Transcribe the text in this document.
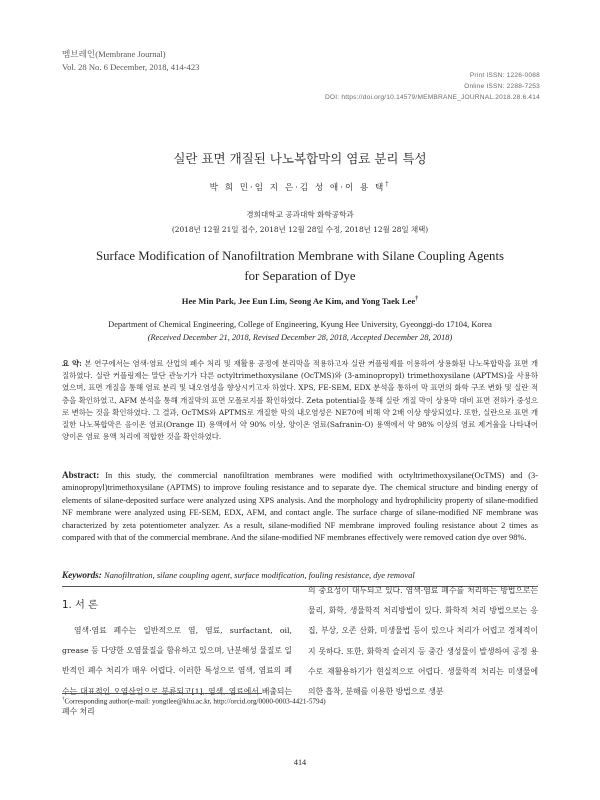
멤브레인(Membrane Journal)
Vol. 28 No. 6 December, 2018, 414-423
Print ISSN: 1226-0088
Online ISSN: 2288-7253
DOI: https://doi.org/10.14579/MEMBRANE_JOURNAL.2018.28.6.414
실란 표면 개질된 나노복합막의 염료 분리 특성
박 희 민·임 지 은·김 성 애·이 용 택†
경희대학교 공과대학 화학공학과
(2018년 12월 21일 접수, 2018년 12월 28일 수정, 2018년 12월 28일 채택)
Surface Modification of Nanofiltration Membrane with Silane Coupling Agents
for Separation of Dye
Hee Min Park, Jee Eun Lim, Seong Ae Kim, and Yong Taek Lee†
Department of Chemical Engineering, College of Engineering, Kyung Hee University, Gyeonggi-do 17104, Korea
(Received December 21, 2018, Revised December 28, 2018, Accepted December 28, 2018)
요 약: 본 연구에서는 염색·염료 산업의 폐수 처리 및 재활용 공정에 분리막을 적용하고자 실란 커플링제를 이용하여 상용화된 나노복합막을 표면 개질하였다. 실란 커플링제는 말단 관능기가 다른 octyltrimethoxysilane (OcTMS)와 (3-aminopropyl) trimethoxysilane (APTMS)을 사용하였으며, 표면 개질을 통해 염료 분리 및 내오염성을 향상시키고자 하였다. XPS, FE-SEM, EDX 분석을 통하여 막 표면의 화학 구조 변화 및 실란 적층을 확인하였고, AFM 분석을 통해 개질막의 표면 모폴로지를 확인하였다. Zeta potential을 통해 실란 개질 막이 상용막 대비 표면 전하가 중성으로 변하는 것을 확인하였다. 그 결과, OcTMS와 APTMS로 개질한 막의 내오염성은 NE70에 비해 약 2배 이상 향상되었다. 또한, 실란으로 표면 개질한 나노복합막은 음이온 염료(Orange II) 용액에서 약 90% 이상, 양이온 염료(Safranin-O) 용액에서 약 98% 이상의 염료 제거율을 나타내어 양이온 염료 용액 처리에 적합한 것을 확인하였다.
Abstract: In this study, the commercial nanofiltration membranes were modified with octyltrimethoxysilane(OcTMS) and (3-aminopropyl)trimethoxysilane (APTMS) to improve fouling resistance and to separate dye. The chemical structure and binding energy of elements of silane-deposited surface were analyzed using XPS analysis. And the morphology and hydrophilicity property of silane-modified NF membrane were analyzed using FE-SEM, EDX, AFM, and contact angle. The surface charge of silane-modified NF membrane was characterized by zeta potentiometer analyzer. As a result, silane-modified NF membrane improved fouling resistance about 2 times as compared with that of the commercial membrane. And the silane-modified NF membranes effectively were removed cation dye over 98%.
Keywords: Nanofiltration, silane coupling agent, surface modification, fouling resistance, dye removal
1. 서 론
염색·염료 폐수는 일반적으로 염, 염료, surfactant, oil, grease 등 다양한 오염물질을 함유하고 있으며, 난분해성 물질로 일반적인 폐수 처리가 매우 어렵다. 이러한 특성으로 염색, 염료의 폐수는 대표적인 오염산업으로 분류되고[1], 염색, 염료에서 배출되는 폐수 처리
의 중요성이 대두되고 있다. 염색·염료 폐수를 처리하는 방법으로는 물리, 화학, 생물학적 처리방법이 있다. 화학적 처리 방법으로는 응집, 부상, 오존 산화, 미생물법 등이 있으나 처리가 어렵고 경제적이지 못하다. 또한, 화학적 슬러지 등 중간 생성물이 발생하여 공정 용수로 재활용하기가 현실적으로 어렵다. 생물학적 처리는 미생물에 의한 흡착, 분해를 이용한 방법으로 생분
†Corresponding author(e-mail: yongtlee@khu.ac.kr, http://orcid.org/0000-0003-4421-5794)
414
